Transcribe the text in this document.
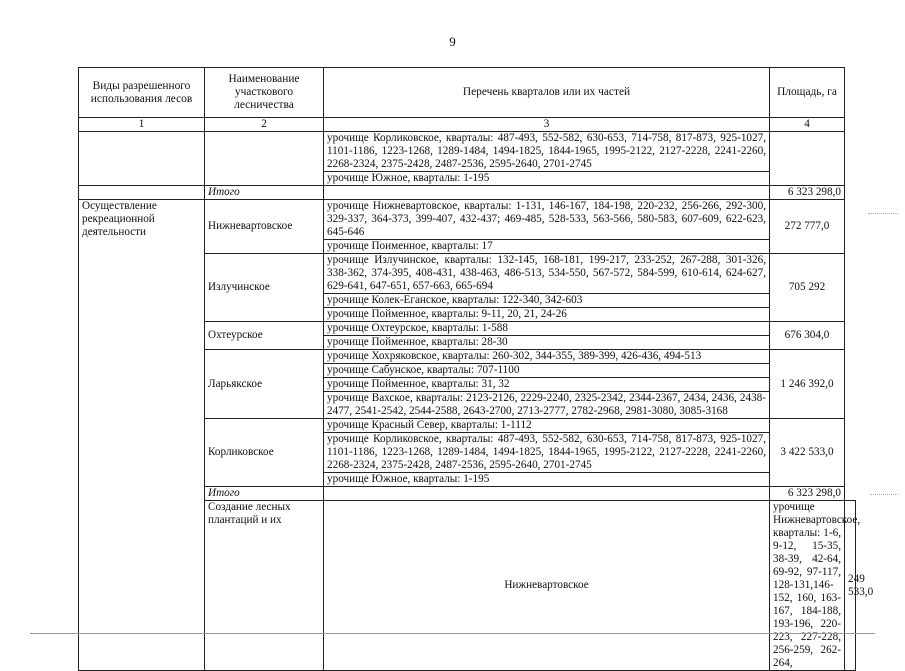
9
Виды разрешенного использования лесов	Наименование участкового лесничества	Перечень кварталов или их частей	Площадь, га	
1	2	3	4	
		урочище Корликовское, кварталы: 487-493, 552-582, 630-653, 714-758, 817-873, 925-1027, 1101-1186, 1223-1268, 1289-1484, 1494-1825, 1844-1965, 1995-2122, 2127-2228, 2241-2260, 2268-2324, 2375-2428, 2487-2536, 2595-2640, 2701-2745		
		урочище Южное, кварталы: 1-195		
	Итого		6 323 298,0	
Осуществление рекреационной деятельности	Нижневартовское	урочище Нижневартовское, кварталы: 1-131, 146-167, 184-198, 220-232, 256-266, 292-300, 329-337, 364-373, 399-407, 432-437; 469-485, 528-533, 563-566, 580-583, 607-609, 622-623, 645-646	272 777,0	
		урочище Поименное, кварталы: 17		
	Излучинское	урочище Излучинское, кварталы: 132-145, 168-181, 199-217, 233-252, 267-288, 301-326, 338-362, 374-395, 408-431, 438-463, 486-513, 534-550, 567-572, 584-599, 610-614, 624-627, 629-641, 647-651, 657-663, 665-694	705 292	
		урочище Колек-Еганское, кварталы: 122-340, 342-603		
		урочище Пойменное, кварталы: 9-11, 20, 21, 24-26		
	Охтеурское	урочище Охтеурское, кварталы: 1-588	676 304,0	
		урочище Пойменное, кварталы: 28-30		
	Ларьякское	урочище Хохряковское, кварталы: 260-302, 344-355, 389-399, 426-436, 494-513	1 246 392,0	
		урочище Сабунское, кварталы: 707-1100		
		урочище Пойменное, кварталы: 31, 32		
		урочище Вахское, кварталы: 2123-2126, 2229-2240, 2325-2342, 2344-2367, 2434, 2436, 2438-2477, 2541-2542, 2544-2588, 2643-2700, 2713-2777, 2782-2968, 2981-3080, 3085-3168		
	Корликовское	урочище Красный Север, кварталы: 1-1112	3 422 533,0	
		урочище Корликовское, кварталы: 487-493, 552-582, 630-653, 714-758, 817-873, 925-1027, 1101-1186, 1223-1268, 1289-1484, 1494-1825, 1844-1965, 1995-2122, 2127-2228, 2241-2260, 2268-2324, 2375-2428, 2487-2536, 2595-2640, 2701-2745		
		урочище Южное, кварталы: 1-195		
	Итого		6 323 298,0	
	Создание лесных плантаций и их	Нижневартовское	урочище Нижневартовское, кварталы: 1-6, 9-12, 15-35, 38-39, 42-64, 69-92, 97-117, 128-131,146-152, 160, 163-167, 184-188, 193-196, 220-223, 227-228, 256-259, 262-264,	249 533,0
